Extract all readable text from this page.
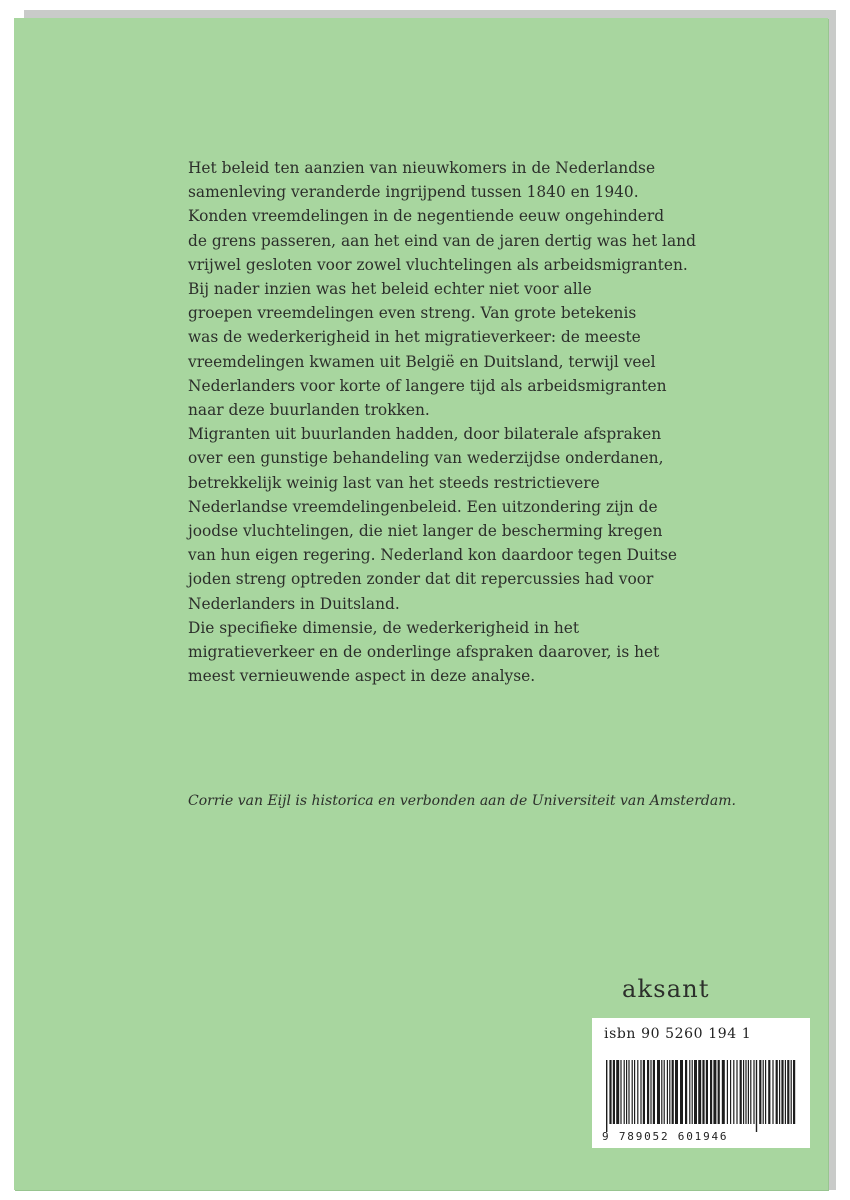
Het beleid ten aanzien van nieuwkomers in de Nederlandse
samenleving veranderde ingrijpend tussen 1840 en 1940.
Konden vreemdelingen in de negentiende eeuw ongehinderd
de grens passeren, aan het eind van de jaren dertig was het land
vrijwel gesloten voor zowel vluchtelingen als arbeidsmigranten.
Bij nader inzien was het beleid echter niet voor alle
groepen vreemdelingen even streng. Van grote betekenis
was de wederkerigheid in het migratieverkeer: de meeste
vreemdelingen kwamen uit België en Duitsland, terwijl veel
Nederlanders voor korte of langere tijd als arbeidsmigranten
naar deze buurlanden trokken.
Migranten uit buurlanden hadden, door bilaterale afspraken
over een gunstige behandeling van wederzijdse onderdanen,
betrekkelijk weinig last van het steeds restrictievere
Nederlandse vreemdelingenbeleid. Een uitzondering zijn de
joodse vluchtelingen, die niet langer de bescherming kregen
van hun eigen regering. Nederland kon daardoor tegen Duitse
joden streng optreden zonder dat dit repercussies had voor
Nederlanders in Duitsland.
Die specifieke dimensie, de wederkerigheid in het
migratieverkeer en de onderlinge afspraken daarover, is het
meest vernieuwende aspect in deze analyse.
Corrie van Eijl is historica en verbonden aan de Universiteit van Amsterdam.
aksant
isbn 90 5260 194 1
9 789052 601946
